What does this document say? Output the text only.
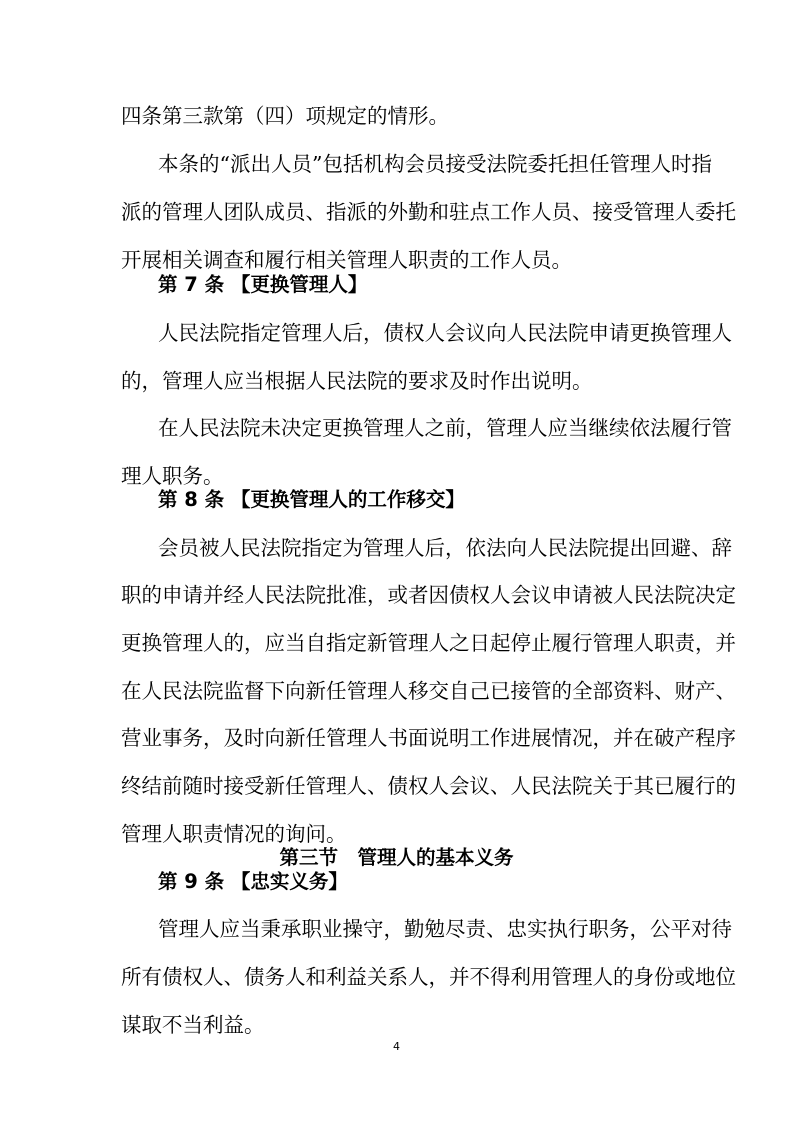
四条第三款第（四）项规定的情形。
本条的“派出人员”包括机构会员接受法院委托担任管理人时指
派的管理人团队成员、指派的外勤和驻点工作人员、接受管理人委托
开展相关调查和履行相关管理人职责的工作人员。
第 7 条 【更换管理人】
人民法院指定管理人后，债权人会议向人民法院申请更换管理人
的，管理人应当根据人民法院的要求及时作出说明。
在人民法院未决定更换管理人之前，管理人应当继续依法履行管
理人职务。
第 8 条 【更换管理人的工作移交】
会员被人民法院指定为管理人后，依法向人民法院提出回避、辞
职的申请并经人民法院批准，或者因债权人会议申请被人民法院决定
更换管理人的，应当自指定新管理人之日起停止履行管理人职责，并
在人民法院监督下向新任管理人移交自己已接管的全部资料、财产、
营业事务，及时向新任管理人书面说明工作进展情况，并在破产程序
终结前随时接受新任管理人、债权人会议、人民法院关于其已履行的
管理人职责情况的询问。
第三节　管理人的基本义务
第 9 条 【忠实义务】
管理人应当秉承职业操守，勤勉尽责、忠实执行职务，公平对待
所有债权人、债务人和利益关系人，并不得利用管理人的身份或地位
谋取不当利益。
4
